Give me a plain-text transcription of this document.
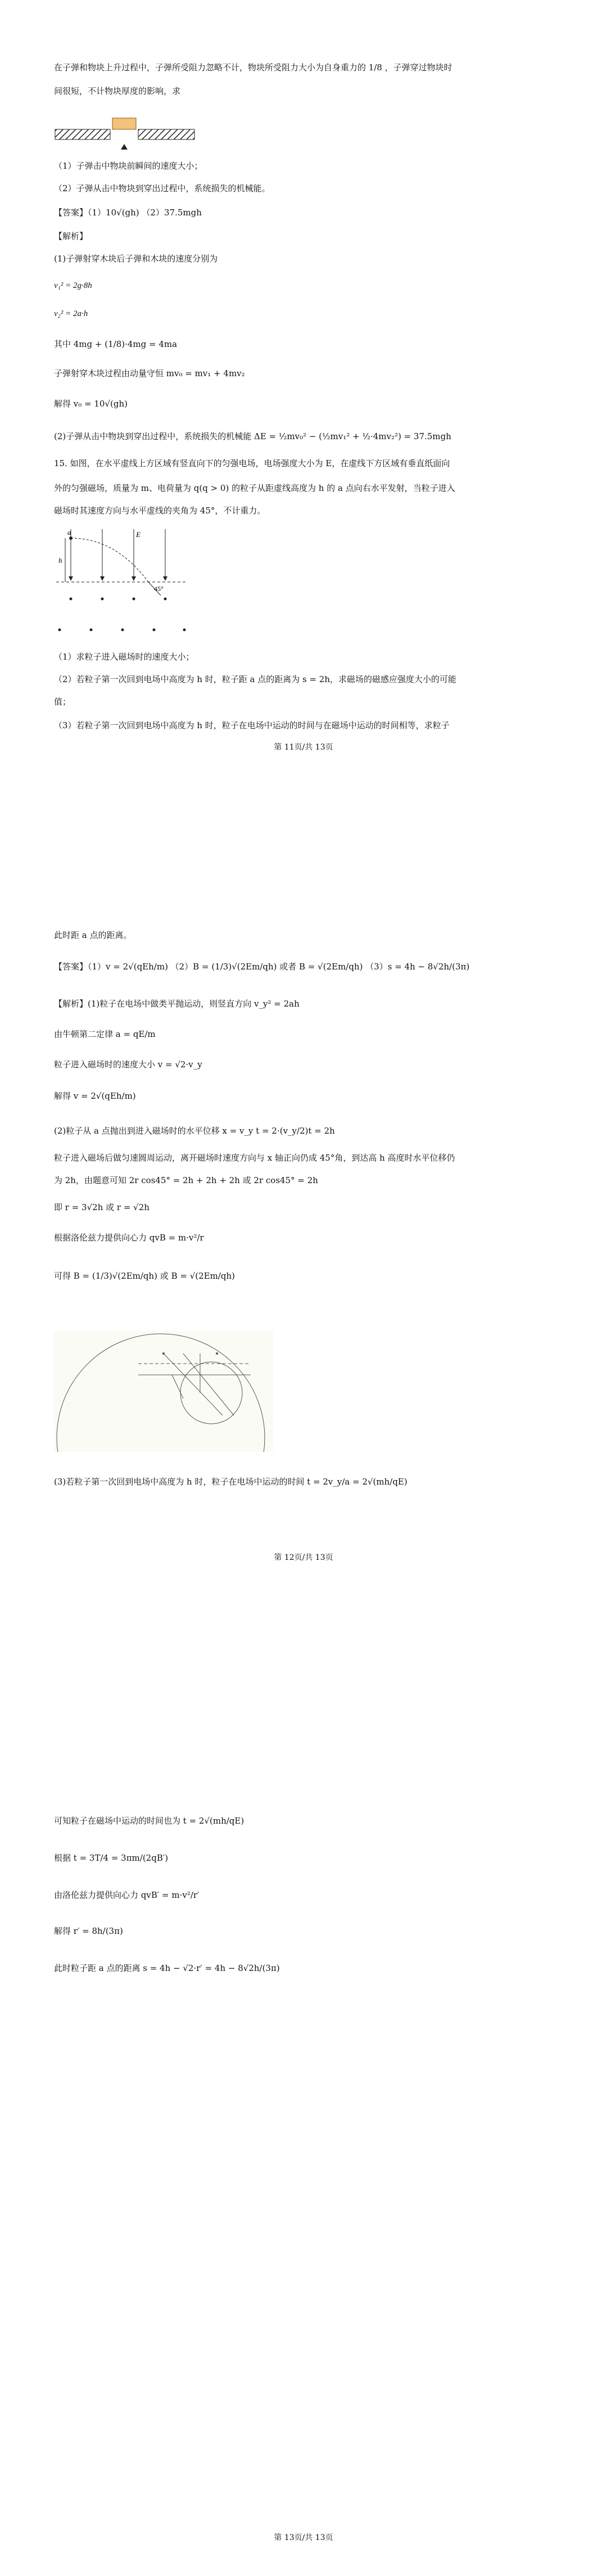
在子弹和物块上升过程中，子弹所受阻力忽略不计，物块所受阻力大小为自身重力的 1/8 ，子弹穿过物块时
间很短，不计物块厚度的影响，求
（1）子弹击中物块前瞬间的速度大小；
（2）子弹从击中物块到穿出过程中，系统损失的机械能。
【答案】（1）10√(gh) （2）37.5mgh
【解析】
(1)子弹射穿木块后子弹和木块的速度分别为
v₁² = 2g·8h
v₂² = 2a·h
其中 4mg + (1/8)·4mg = 4ma
子弹射穿木块过程由动量守恒 mv₀ = mv₁ + 4mv₂
解得 v₀ = 10√(gh)
(2)子弹从击中物块到穿出过程中，系统损失的机械能 ΔE = ½mv₀² − (½mv₁² + ½·4mv₂²) = 37.5mgh
15. 如图，在水平虚线上方区域有竖直向下的匀强电场，电场强度大小为 E，在虚线下方区域有垂直纸面向
外的匀强磁场，质量为 m、电荷量为 q(q > 0) 的粒子从距虚线高度为 h 的 a 点向右水平发射，当粒子进入
磁场时其速度方向与水平虚线的夹角为 45°，不计重力。
a	E
h
45°
（1）求粒子进入磁场时的速度大小；
（2）若粒子第一次回到电场中高度为 h 时，粒子距 a 点的距离为 s = 2h，求磁场的磁感应强度大小的可能
值；
（3）若粒子第一次回到电场中高度为 h 时，粒子在电场中运动的时间与在磁场中运动的时间相等，求粒子
第 11页/共 13页
此时距 a 点的距离。
【答案】（1）v = 2√(qEh/m) （2）B = (1/3)√(2Em/qh) 或者 B = √(2Em/qh) （3）s = 4h − 8√2h/(3π)
【解析】(1)粒子在电场中做类平抛运动，则竖直方向 v_y² = 2ah
由牛顿第二定律 a = qE/m
粒子进入磁场时的速度大小 v = √2·v_y
解得 v = 2√(qEh/m)
(2)粒子从 a 点抛出到进入磁场时的水平位移 x = v_y t = 2·(v_y/2)t = 2h
粒子进入磁场后做匀速圆周运动，离开磁场时速度方向与 x 轴正向仍成 45°角，到达高 h 高度时水平位移仍
为 2h，由题意可知 2r cos45° = 2h + 2h + 2h 或 2r cos45° = 2h
即 r = 3√2h 或 r = √2h
根据洛伦兹力提供向心力 qvB = m·v²/r
可得 B = (1/3)√(2Em/qh) 或 B = √(2Em/qh)
(3)若粒子第一次回到电场中高度为 h 时，粒子在电场中运动的时间 t = 2v_y/a = 2√(mh/qE)
第 12页/共 13页
可知粒子在磁场中运动的时间也为 t = 2√(mh/qE)
根据 t = 3T/4 = 3πm/(2qB′)
由洛伦兹力提供向心力 qvB′ = m·v²/r′
解得 r′ = 8h/(3π)
此时粒子距 a 点的距离 s = 4h − √2·r′ = 4h − 8√2h/(3π)
第 13页/共 13页
